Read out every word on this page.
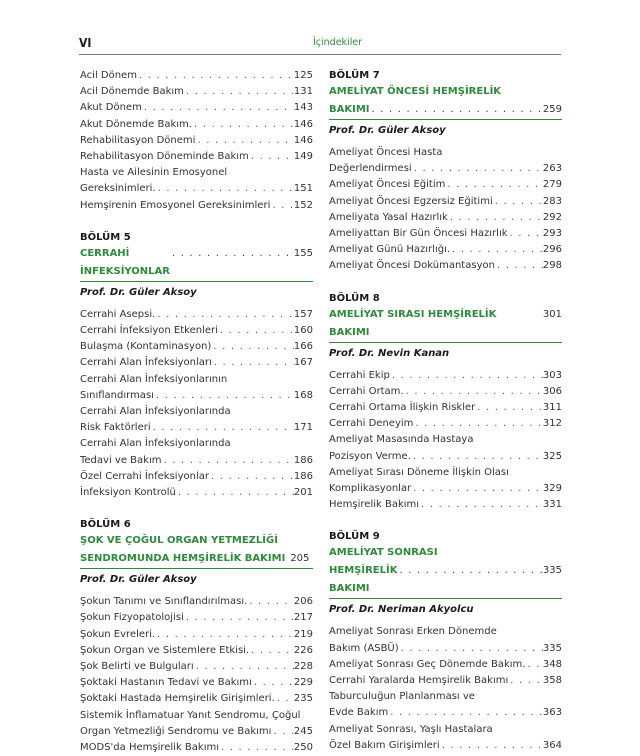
VI	İçindekiler
Acil Dönem . . .	125
Acil Dönemde Bakım . . .	131
Akut Dönem . . .	143
Akut Dönemde Bakım. . . .	146
Rehabilitasyon Dönemi . . .	146
Rehabilitasyon Döneminde Bakım . . .	149
Hasta ve Ailesinin Emosyonel
Gereksinimleri. . . .	151
Hemşirenin Emosyonel Gereksinimleri . . . 152
BÖLÜM 5
CERRAHİ İNFEKSİYONLAR
. . .
155
Prof. Dr. Güler Aksoy
Cerrahi Asepsi. . . .	157
Cerrahi İnfeksiyon Etkenleri . . .	160
Bulaşma (Kontaminasyon) . . .	166
Cerrahi Alan İnfeksiyonları . . .	167
Cerrahi Alan İnfeksiyonlarının
Sınıflandırması . . .	168
Cerrahi Alan İnfeksiyonlarında
Risk Faktörleri . . .	171
Cerrahi Alan İnfeksiyonlarında
Tedavi ve Bakım . . .	186
Özel Cerrahi İnfeksiyonlar . . .	186
İnfeksiyon Kontrolü . . .	201
BÖLÜM 6
ŞOK VE ÇOĞUL ORGAN YETMEZLİĞİ
SENDROMUNDA HEMŞİRELİK BAKIMI 205
Prof. Dr. Güler Aksoy
Şokun Tanımı ve Sınıflandırılması. . . .	206
Şokun Fizyopatolojisi . . .	217
Şokun Evreleri. . . .	219
Şokun Organ ve Sistemlere Etkisi. . . .	226
Şok Belirti ve Bulguları . . .	228
Şoktaki Hastanın Tedavi ve Bakımı . . .	229
Şoktaki Hastada Hemşirelik Girişimleri. . . . 235
Sistemik İnflamatuar Yanıt Sendromu, Çoğul
Organ Yetmezliği Sendromu ve Bakımı . . . 245
MODS'da Hemşirelik Bakımı . . .	250
BÖLÜM 7
AMELİYAT ÖNCESİ HEMŞİRELİK
BAKIMI . . .	259
Prof. Dr. Güler Aksoy
Ameliyat Öncesi Hasta
Değerlendirmesi . . .	263
Ameliyat Öncesi Eğitim . . .	279
Ameliyat Öncesi Egzersiz Eğitimi . . .	283
Ameliyata Yasal Hazırlık . . .	292
Ameliyattan Bir Gün Öncesi Hazırlık . . .	293
Ameliyat Günü Hazırlığı. . . .	296
Ameliyat Öncesi Dokümantasyon . . .	298
BÖLÜM 8
AMELİYAT SIRASI HEMŞİRELİK BAKIMI
301
Prof. Dr. Nevin Kanan
Cerrahi Ekip . . .	303
Cerrahi Ortam. . . .	306
Cerrahi Ortama İlişkin Riskler . . .	311
Cerrahi Deneyim . . .	312
Ameliyat Masasında Hastaya
Pozisyon Verme. . . .	325
Ameliyat Sırası Döneme İlişkin Olası
Komplikasyonlar . . .	329
Hemşirelik Bakımı . . .	331
BÖLÜM 9
AMELİYAT SONRASI
HEMŞİRELİK BAKIMI
. . .
335
Prof. Dr. Neriman Akyolcu
Ameliyat Sonrası Erken Dönemde
Bakım (ASBÜ) . . .	335
Ameliyat Sonrası Geç Dönemde Bakım. . . . 348
Cerrahi Yaralarda Hemşirelik Bakımı . . .	358
Taburculuğun Planlanması ve
Evde Bakım . . .	363
Ameliyat Sonrası, Yaşlı Hastalara
Özel Bakım Girişimleri . . .	364
